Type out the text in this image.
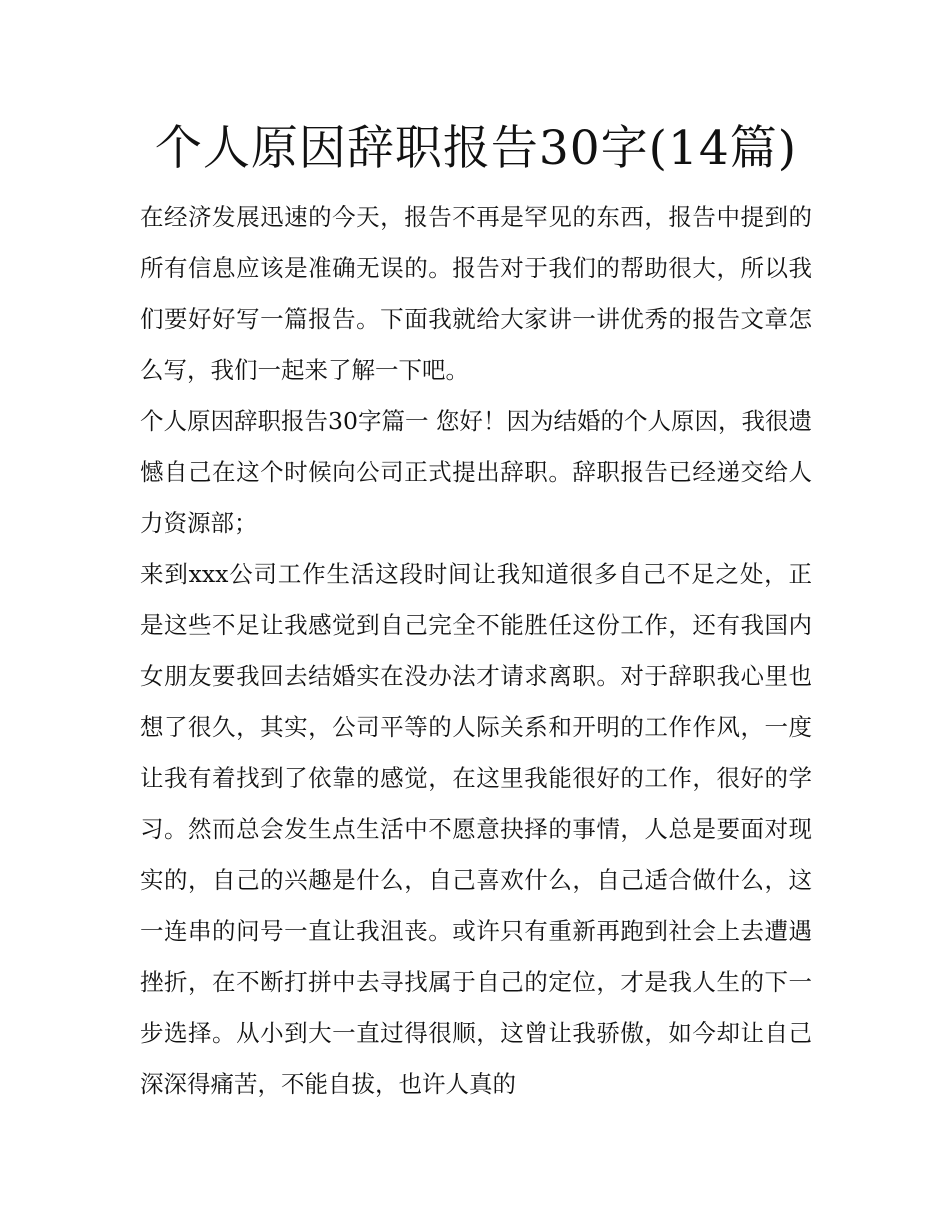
个人原因辞职报告30字(14篇)

在经济发展迅速的今天，报告不再是罕见的东西，报告中提到的所有信息应该是准确无误的。报告对于我们的帮助很大，所以我们要好好写一篇报告。下面我就给大家讲一讲优秀的报告文章怎么写，我们一起来了解一下吧。

个人原因辞职报告30字篇一 您好！因为结婚的个人原因，我很遗憾自己在这个时候向公司正式提出辞职。辞职报告已经递交给人力资源部；

来到xxx公司工作生活这段时间让我知道很多自己不足之处，正是这些不足让我感觉到自己完全不能胜任这份工作，还有我国内女朋友要我回去结婚实在没办法才请求离职。对于辞职我心里也想了很久，其实，公司平等的人际关系和开明的工作作风，一度让我有着找到了依靠的感觉，在这里我能很好的工作，很好的学习。然而总会发生点生活中不愿意抉择的事情，人总是要面对现实的，自己的兴趣是什么，自己喜欢什么，自己适合做什么，这一连串的问号一直让我沮丧。或许只有重新再跑到社会上去遭遇挫折，在不断打拼中去寻找属于自己的定位，才是我人生的下一步选择。从小到大一直过得很顺，这曾让我骄傲，如今却让自己深深得痛苦，不能自拔，也许人真的
